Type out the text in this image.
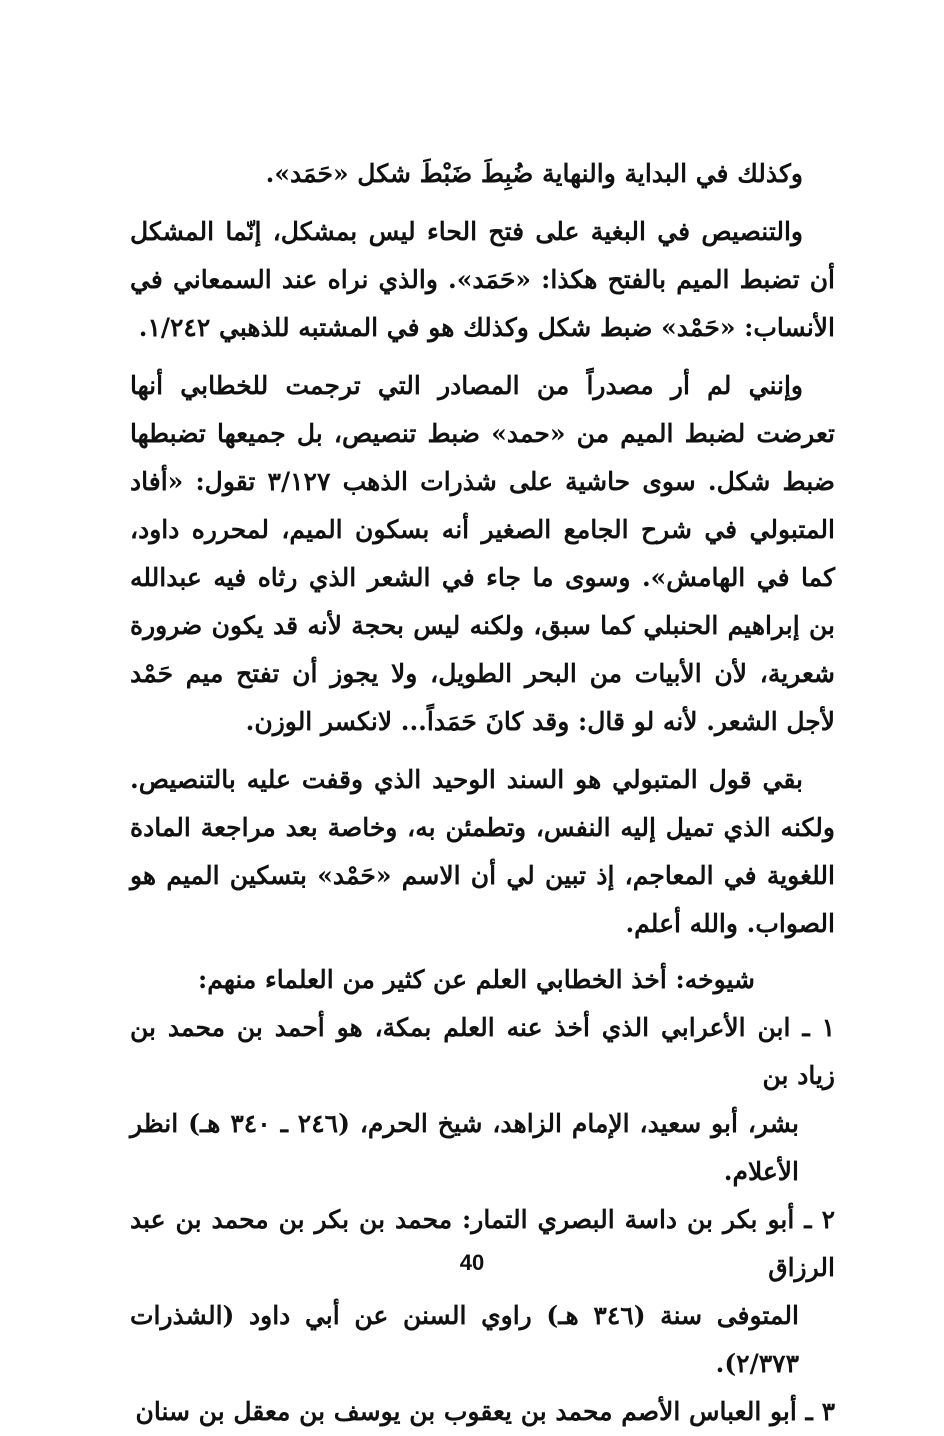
وكذلك في البداية والنهاية ضُبِطَ ضَبْطَ شكل «حَمَد».

والتنصيص في البغية على فتح الحاء ليس بمشكل، إنّما المشكل أن تضبط الميم بالفتح هكذا: «حَمَد». والذي نراه عند السمعاني في الأنساب: «حَمْد» ضبط شكل وكذلك هو في المشتبه للذهبي ١/٢٤٢.

وإنني لم أر مصدراً من المصادر التي ترجمت للخطابي أنها تعرضت لضبط الميم من «حمد» ضبط تنصيص، بل جميعها تضبطها ضبط شكل. سوى حاشية على شذرات الذهب ٣/١٢٧ تقول: «أفاد المتبولي في شرح الجامع الصغير أنه بسكون الميم، لمحرره داود، كما في الهامش». وسوى ما جاء في الشعر الذي رثاه فيه عبدالله بن إبراهيم الحنبلي كما سبق، ولكنه ليس بحجة لأنه قد يكون ضرورة شعرية، لأن الأبيات من البحر الطويل، ولا يجوز أن تفتح ميم حَمْد لأجل الشعر. لأنه لو قال: وقد كانَ حَمَداً... لانكسر الوزن.

بقي قول المتبولي هو السند الوحيد الذي وقفت عليه بالتنصيص. ولكنه الذي تميل إليه النفس، وتطمئن به، وخاصة بعد مراجعة المادة اللغوية في المعاجم، إذ تبين لي أن الاسم «حَمْد» بتسكين الميم هو الصواب. والله أعلم.

شيوخه: أخذ الخطابي العلم عن كثير من العلماء منهم:

١ ـ ابن الأعرابي الذي أخذ عنه العلم بمكة، هو أحمد بن محمد بن زياد بن
بشر، أبو سعيد، الإمام الزاهد، شيخ الحرم، (٢٤٦ ـ ٣٤٠ هـ) انظر الأعلام.
٢ ـ أبو بكر بن داسة البصري التمار: محمد بن بكر بن محمد بن عبد الرزاق
المتوفى سنة (٣٤٦ هـ) راوي السنن عن أبي داود (الشذرات ٢/٣٧٣).
٣ ـ أبو العباس الأصم محمد بن يعقوب بن يوسف بن معقل بن سنان
40
